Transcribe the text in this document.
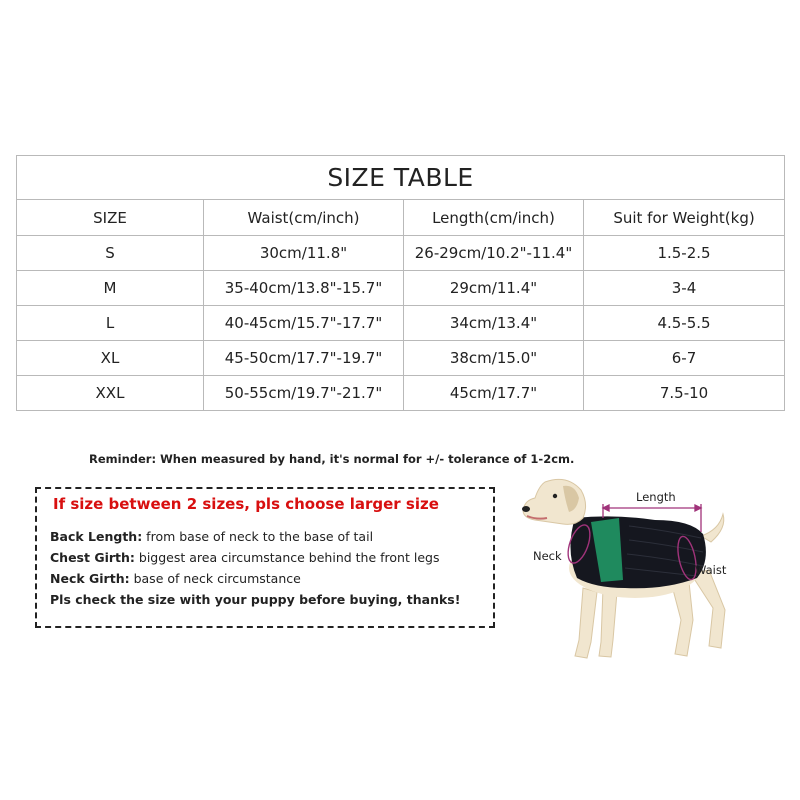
SIZE TABLE			
SIZE	Waist(cm/inch)	Length(cm/inch)	Suit for Weight(kg)
S	30cm/11.8"	26-29cm/10.2"-11.4"	1.5-2.5
M	35-40cm/13.8"-15.7"	29cm/11.4"	3-4
L	40-45cm/15.7"-17.7"	34cm/13.4"	4.5-5.5
XL	45-50cm/17.7"-19.7"	38cm/15.0"	6-7
XXL	50-55cm/19.7"-21.7"	45cm/17.7"	7.5-10
Reminder: When measured by hand, it's normal for +/- tolerance of 1-2cm.
If size between 2 sizes, pls choose larger size
Back Length: from base of neck to the base of tail
Chest Girth: biggest area circumstance behind the front legs
Neck Girth: base of neck circumstance
Pls check the size with your puppy before buying, thanks!
Length
Neck
Waist
